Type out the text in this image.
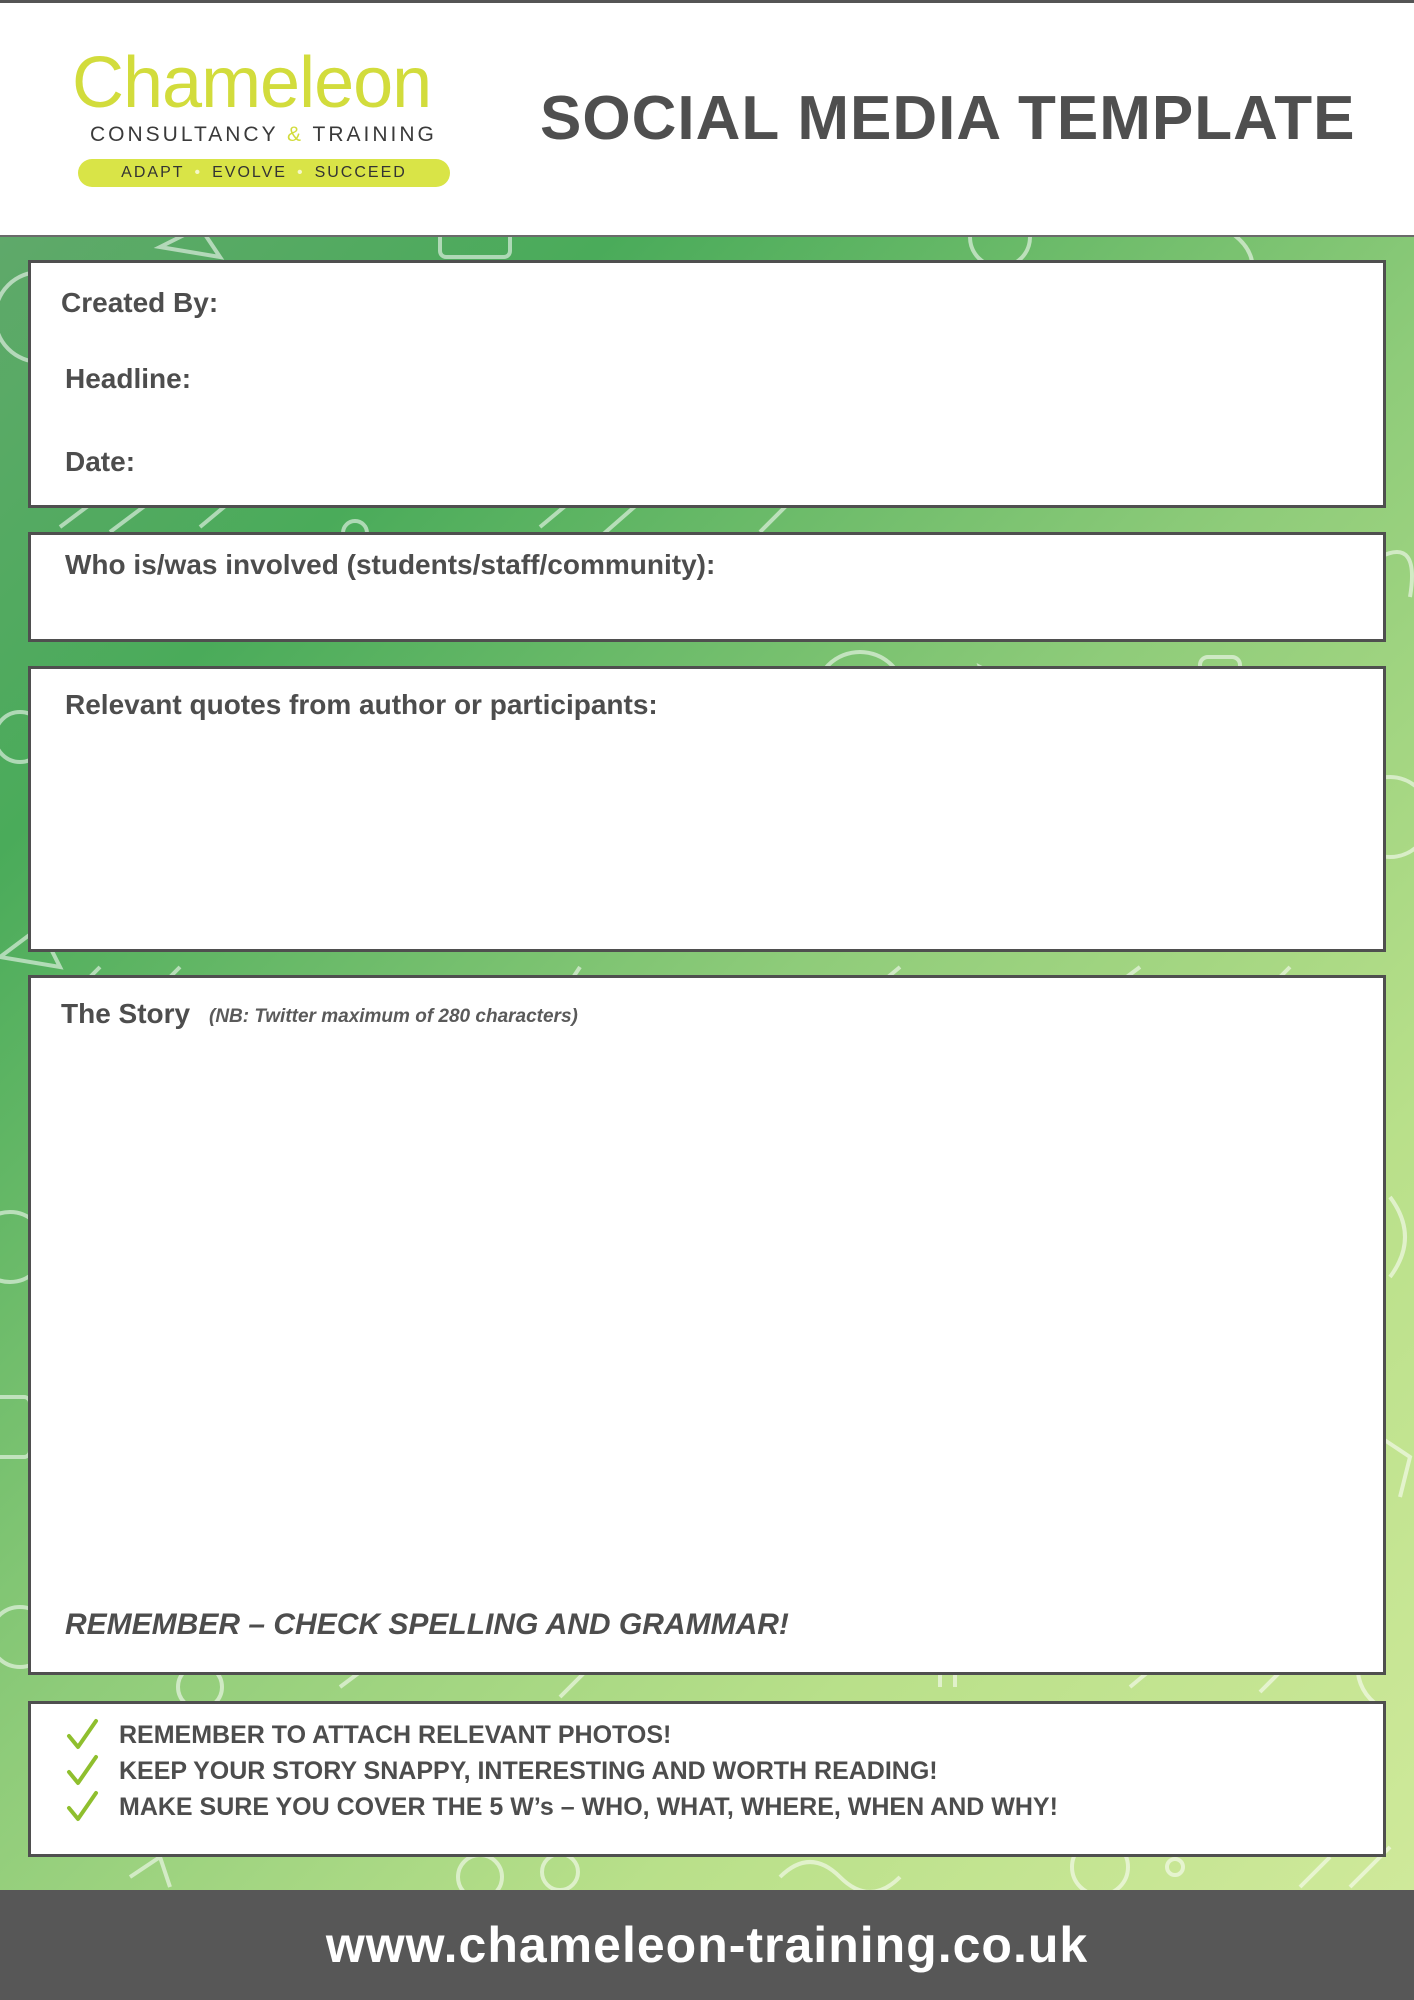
Chameleon
CONSULTANCY & TRAINING
ADAPT • EVOLVE • SUCCEED
SOCIAL MEDIA TEMPLATE
Created By:
Headline:
Date:
Who is/was involved (students/staff/community):
Relevant quotes from author or participants:
The Story (NB: Twitter maximum of 280 characters)
REMEMBER – CHECK SPELLING AND GRAMMAR!
REMEMBER TO ATTACH RELEVANT PHOTOS!
KEEP YOUR STORY SNAPPY, INTERESTING AND WORTH READING!
MAKE SURE YOU COVER THE 5 W’s – WHO, WHAT, WHERE, WHEN AND WHY!
www.chameleon-training.co.uk
